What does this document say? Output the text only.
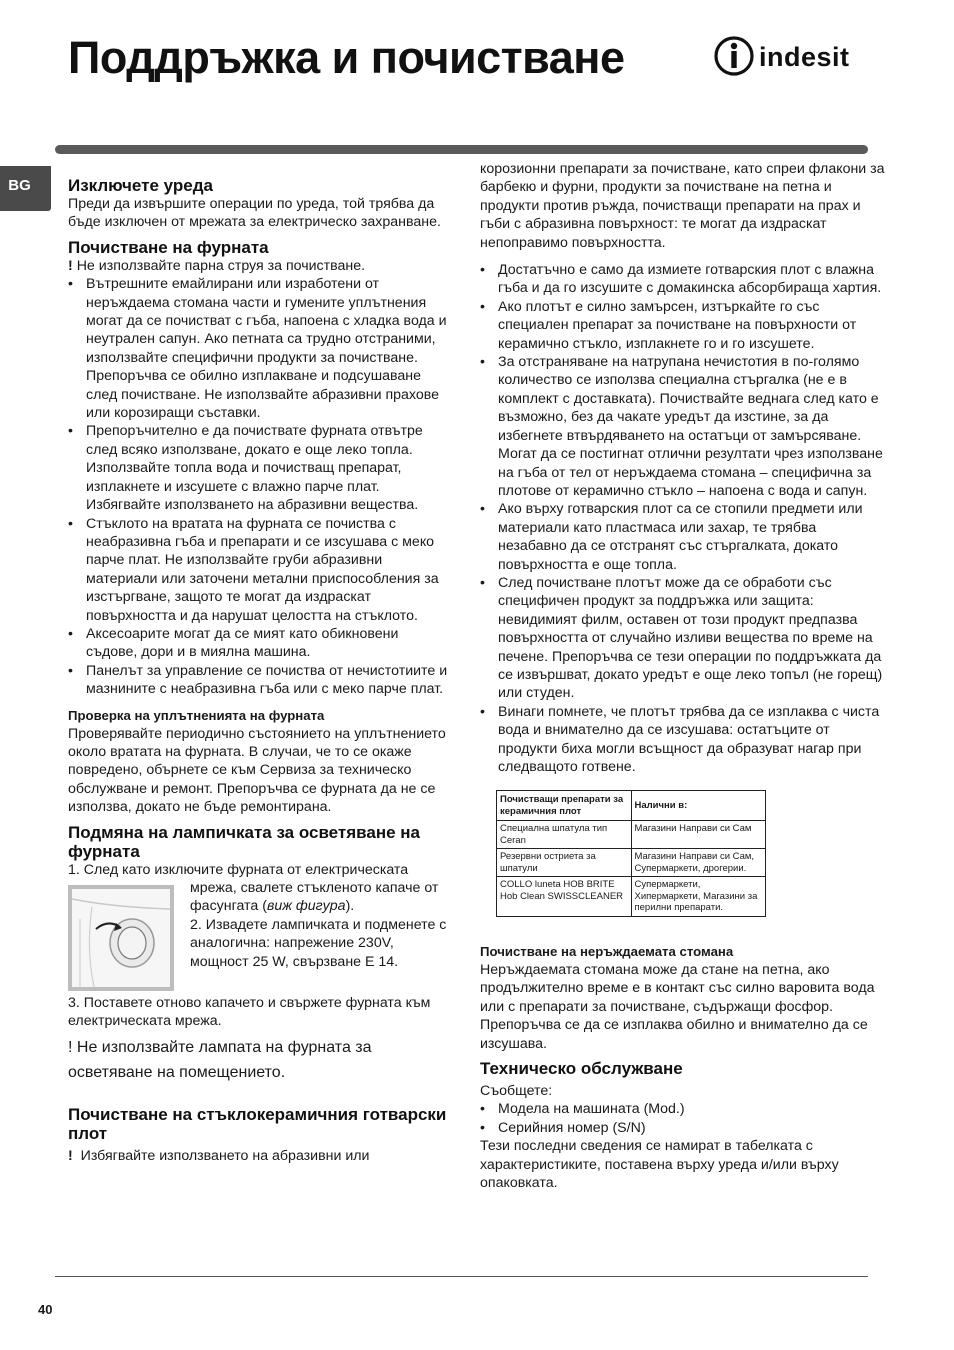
Поддръжка и почистване	indesit
BG	Изключете уреда

Преди да извършите операции по уреда, той трябва да бъде изключен от мрежата за електрическо захранване.

Почистване на фурната

! Не използвайте парна струя за почистване.

• Вътрешните емайлирани или изработени от неръждаема стомана части и гумените уплътнения могат да се почистват с гъба, напоена с хладка вода и неутрален сапун. Ако петната са трудно отстраними, използвайте специфични продукти за почистване. Препоръчва се обилно изплакване и подсушаване след почистване. Не използвайте абразивни прахове или корозиращи съставки.
• Препоръчително е да почиствате фурната отвътре след всяко използване, докато е още леко топла. Използвайте топла вода и почистващ препарат, изплакнете и изсушете с влажно парче плат. Избягвайте използването на абразивни вещества.
• Стъклото на вратата на фурната се почиства с неабразивна гъба и препарати и се изсушава с меко парче плат. Не използвайте груби абразивни материали или заточени метални приспособления за изстъргване, защото те могат да издраскат повърхността и да нарушат целостта на стъклото.
• Аксесоарите могат да се мият като обикновени съдове, дори и в миялна машина.
• Панелът за управление се почиства от нечистотиите и мазнините с неабразивна гъба или с меко парче плат.
Проверка на уплътненията на фурната

Проверявайте периодично състоянието на уплътнението около вратата на фурната. В случаи, че то се окаже повредено, обърнете се към Сервиза за техническо обслужване и ремонт. Препоръчва се фурната да не се използва, докато не бъде ремонтирана.

Подмяна на лампичката за осветяване на фурната

1. След като изключите фурната от електрическата

мрежа, свалете стъкленото капаче от фасунгата (виж фигура).

2. Извадете лампичката и подменете с аналогична: напрежение 230V, мощност 25 W, свързване Е 14.

3. Поставете отново капачето и свържете фурната към електрическата мрежа.

! Не използвайте лампата на фурната за осветяване на помещението.

Почистване на стъклокерамичния готварски плот

! Избягвайте използването на абразивни или

корозионни препарати за почистване, като спреи флакони за барбекю и фурни, продукти за почистване на петна и продукти против ръжда, почистващи препарати на прах и гъби с абразивна повърхност: те могат да издраскат непоправимо повърхността.

• Достатъчно е само да измиете готварския плот с влажна гъба и да го изсушите с домакинска абсорбираща хартия.
• Ако плотът е силно замърсен, изтъркайте го със специален препарат за почистване на повърхности от керамично стъкло, изплакнете го и го изсушете.
• За отстраняване на натрупана нечистотия в по-голямо количество се използва специална стъргалка (не е в комплект с доставката). Почиствайте веднага след като е възможно, без да чакате уредът да изстине, за да избегнете втвърдяването на остатъци от замърсяване. Могат да се постигнат отлични резултати чрез използване на гъба от тел от неръждаема стомана – специфична за плотове от керамично стъкло – напоена с вода и сапун.
• Ако върху готварския плот са се стопили предмети или материали като пластмаса или захар, те трябва незабавно да се отстранят със стъргалката, докато повърхността е още топла.
• След почистване плотът може да се обработи със специфичен продукт за поддръжка или защита: невидимият филм, оставен от този продукт предпазва повърхността от случайно изливи вещества по време на печене. Препоръчва се тези операции по поддръжката да се извършват, докато уредът е още леко топъл (не горещ) или студен.
• Винаги помнете, че плотът трябва да се изплаква с чиста вода и внимателно да се изсушава: остатъците от продукти биха могли всъщност да образуват нагар при следващото готвене.
Почистващи препарати за керамичния плот	Налични в:
Специална шпатула тип Ceran	Магазини Направи си Сам
Резервни остриета за шпатули	Магазини Направи си Сам, Супермаркети, дрогерии.
COLLO luneta HOB BRITE Hob Clean SWISSCLEANER	Супермаркети, Хипермаркети, Магазини за перилни препарати.
Почистване на неръждаемата стомана

Неръждаемата стомана може да стане на петна, ако продължително време е в контакт със силно варовита вода или с препарати за почистване, съдържащи фосфор. Препоръчва се да се изплаква обилно и внимателно да се изсушава.

Техническо обслужване

Съобщете:

• Модела на машината (Mod.)
• Серийния номер (S/N)

Тези последни сведения се намират в табелката с характеристиките, поставена върху уреда и/или върху опаковката.

40
